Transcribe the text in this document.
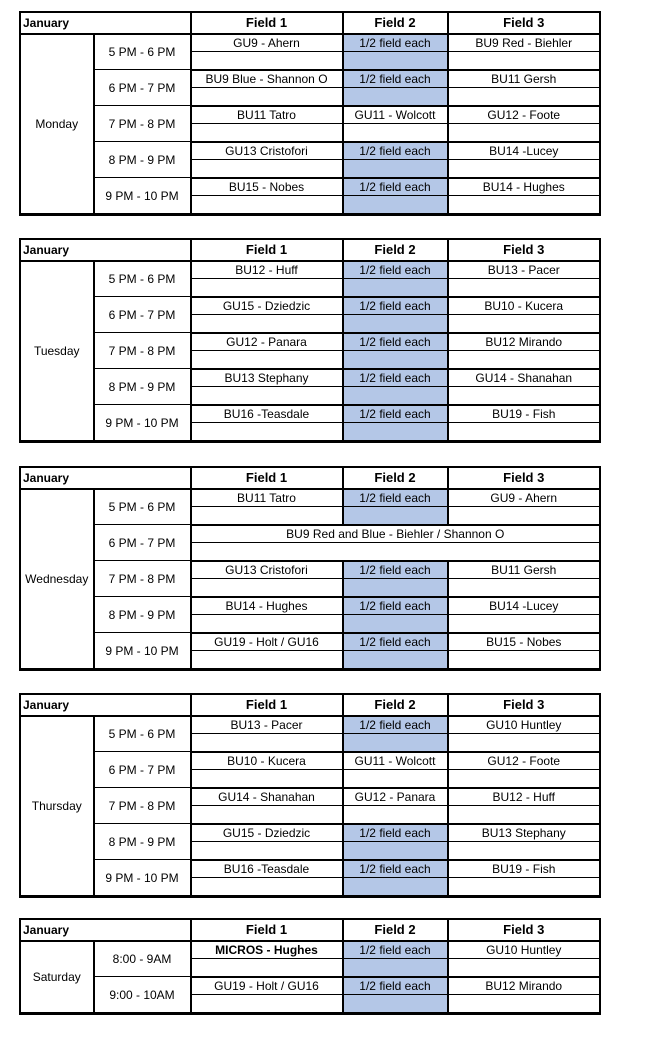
January		Field 1	Field 2	Field 3
Monday	5 PM - 6 PM	GU9 - Ahern	1/2 field each	BU9 Red - Biehler

	6 PM - 7 PM	BU9 Blue - Shannon O	1/2 field each	BU11 Gersh

	7 PM - 8 PM	BU11 Tatro	GU11 - Wolcott	GU12 - Foote

	8 PM - 9 PM	GU13 Cristofori	1/2 field each	BU14 -Lucey

	9 PM - 10 PM	BU15 - Nobes	1/2 field each	BU14 - Hughes

January		Field 1	Field 2	Field 3
Tuesday	5 PM - 6 PM	BU12 - Huff	1/2 field each	BU13 - Pacer

	6 PM - 7 PM	GU15 - Dziedzic	1/2 field each	BU10 - Kucera

	7 PM - 8 PM	GU12 - Panara	1/2 field each	BU12 Mirando

	8 PM - 9 PM	BU13 Stephany	1/2 field each	GU14 - Shanahan

	9 PM - 10 PM	BU16 -Teasdale	1/2 field each	BU19 - Fish

January		Field 1	Field 2	Field 3
Wednesday	5 PM - 6 PM	BU11 Tatro	1/2 field each	GU9 - Ahern

	6 PM - 7 PM	BU9 Red and Blue - Biehler / Shannon O		

	7 PM - 8 PM	GU13 Cristofori	1/2 field each	BU11 Gersh

	8 PM - 9 PM	BU14 - Hughes	1/2 field each	BU14 -Lucey

	9 PM - 10 PM	GU19 - Holt / GU16	1/2 field each	BU15 - Nobes

January		Field 1	Field 2	Field 3
Thursday	5 PM - 6 PM	BU13 - Pacer	1/2 field each	GU10 Huntley

	6 PM - 7 PM	BU10 - Kucera	GU11 - Wolcott	GU12 - Foote

	7 PM - 8 PM	GU14 - Shanahan	GU12 - Panara	BU12 - Huff

	8 PM - 9 PM	GU15 - Dziedzic	1/2 field each	BU13 Stephany

	9 PM - 10 PM	BU16 -Teasdale	1/2 field each	BU19 - Fish

January		Field 1	Field 2	Field 3
Saturday	8:00 - 9AM	MICROS - Hughes	1/2 field each	GU10 Huntley

	9:00 - 10AM	GU19 - Holt / GU16	1/2 field each	BU12 Mirando
